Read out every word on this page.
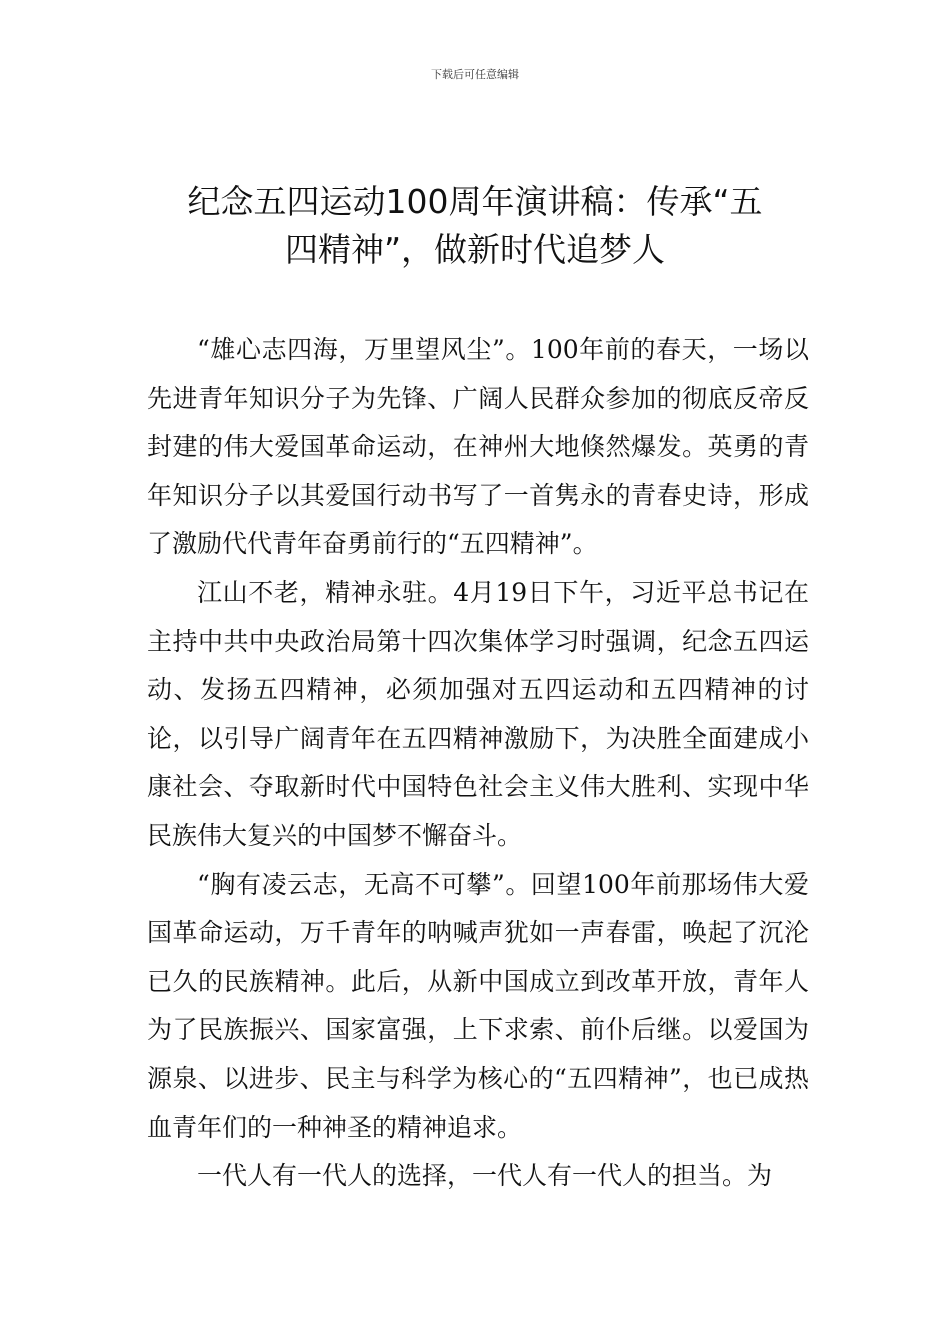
下载后可任意编辑
纪念五四运动100周年演讲稿：传承“五
四精神”，做新时代追梦人

“雄心志四海，万里望风尘”。100年前的春天，一场以先进青年知识分子为先锋、广阔人民群众参加的彻底反帝反封建的伟大爱国革命运动，在神州大地倏然爆发。英勇的青年知识分子以其爱国行动书写了一首隽永的青春史诗，形成了激励代代青年奋勇前行的“五四精神”。

江山不老，精神永驻。4月19日下午，习近平总书记在主持中共中央政治局第十四次集体学习时强调，纪念五四运动、发扬五四精神，必须加强对五四运动和五四精神的讨论，以引导广阔青年在五四精神激励下，为决胜全面建成小康社会、夺取新时代中国特色社会主义伟大胜利、实现中华民族伟大复兴的中国梦不懈奋斗。

“胸有凌云志，无高不可攀”。回望100年前那场伟大爱国革命运动，万千青年的呐喊声犹如一声春雷，唤起了沉沦已久的民族精神。此后，从新中国成立到改革开放，青年人为了民族振兴、国家富强，上下求索、前仆后继。以爱国为源泉、以进步、民主与科学为核心的“五四精神”，也已成热血青年们的一种神圣的精神追求。

一代人有一代人的选择，一代人有一代人的担当。为
